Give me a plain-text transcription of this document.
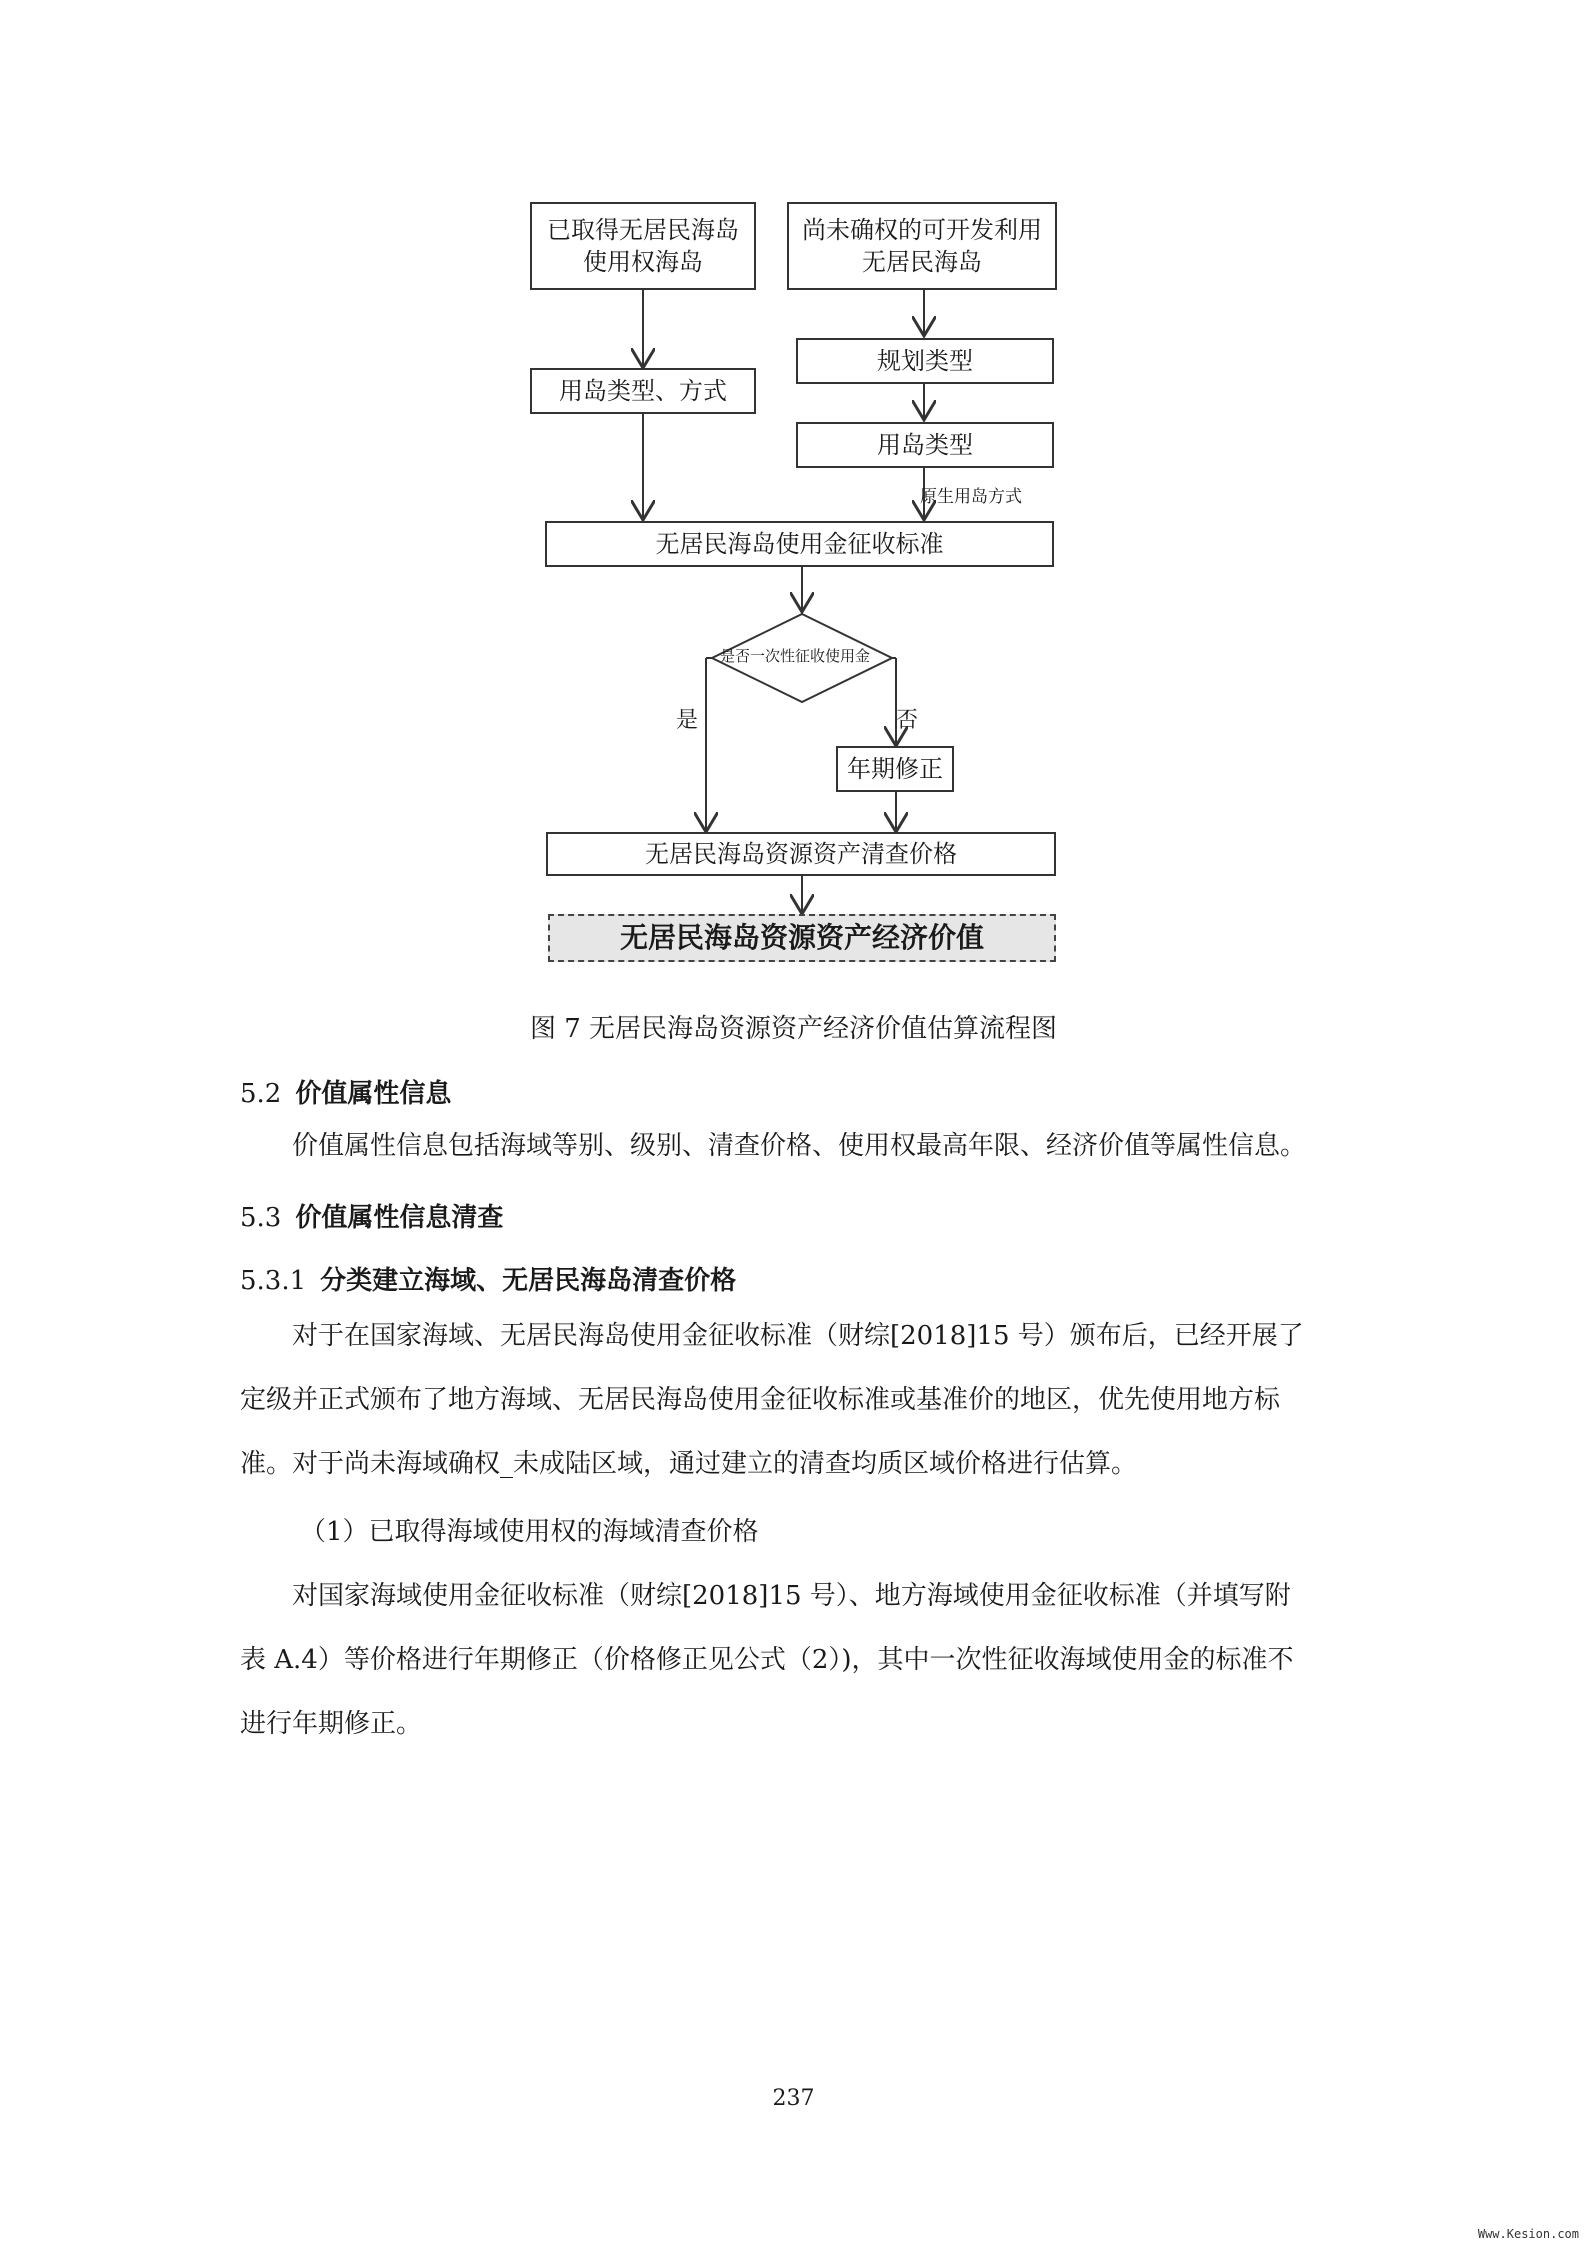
已取得无居民海岛
使用权海岛
尚未确权的可开发利用
无居民海岛
用岛类型、方式
规划类型
用岛类型
原生用岛方式
无居民海岛使用金征收标准
是否一次性征收使用金
是	否
年期修正
无居民海岛资源资产清查价格
无居民海岛资源资产经济价值
图 7 无居民海岛资源资产经济价值估算流程图
5.2 价值属性信息

价值属性信息包括海域等别、级别、清查价格、使用权最高年限、经济价值等属性信息。

5.3 价值属性信息清查
5.3.1 分类建立海域、无居民海岛清查价格

对于在国家海域、无居民海岛使用金征收标准（财综[2018]15 号）颁布后，已经开展了

定级并正式颁布了地方海域、无居民海岛使用金征收标准或基准价的地区，优先使用地方标

准。对于尚未海域确权_未成陆区域，通过建立的清查均质区域价格进行估算。

（1）已取得海域使用权的海域清查价格

对国家海域使用金征收标准（财综[2018]15 号）、地方海域使用金征收标准（并填写附

表 A.4）等价格进行年期修正（价格修正见公式（2）)，其中一次性征收海域使用金的标准不

进行年期修正。

237
Www.Kesion.com
